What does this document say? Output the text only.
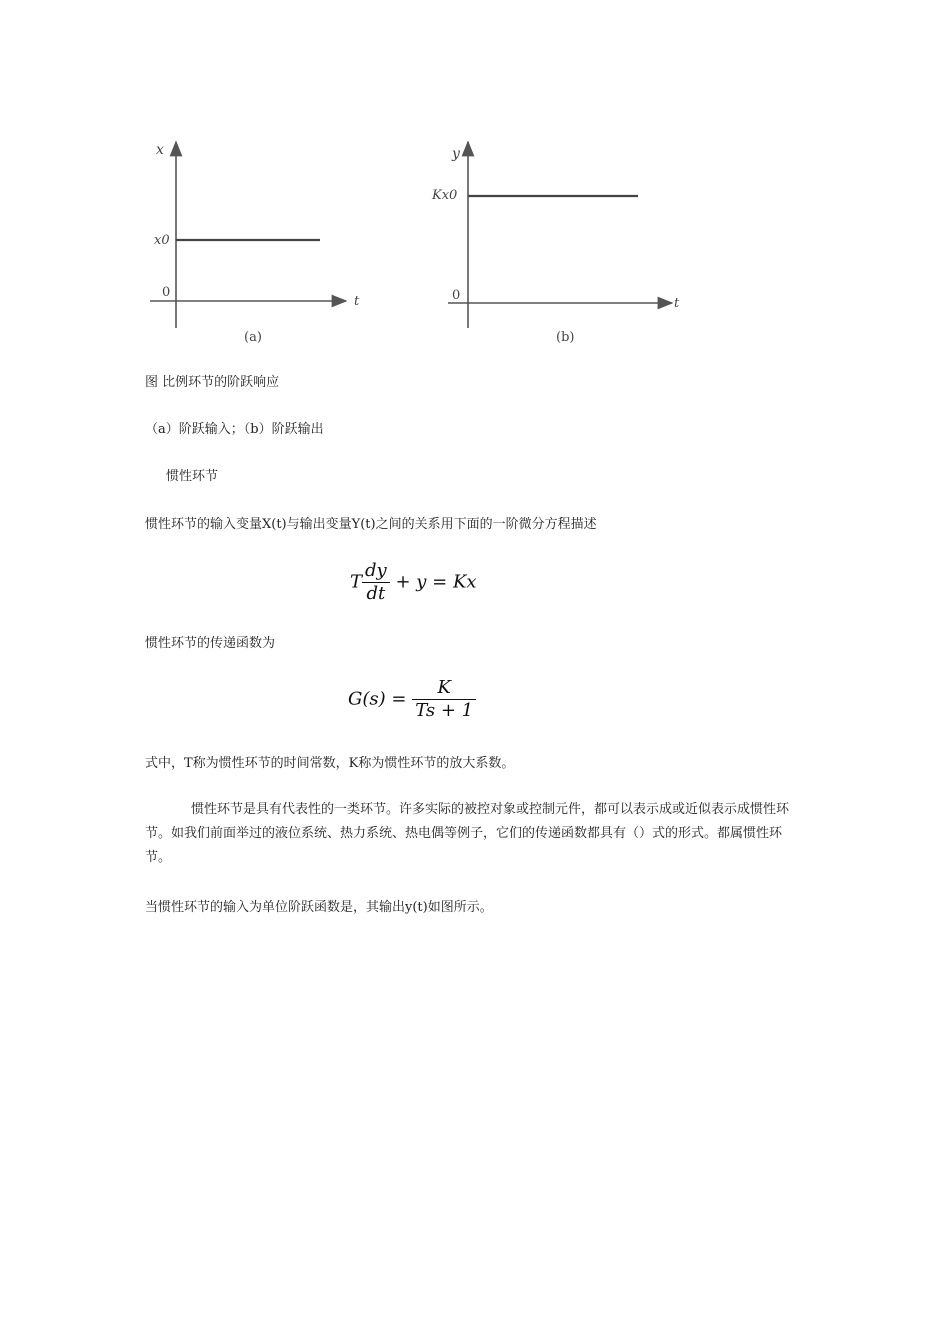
x
x0
0
t
(a)
y
Kx0
0
t
(b)
图 比例环节的阶跃响应
（a）阶跃输入；（b）阶跃输出
惯性环节
惯性环节的输入变量X(t)与输出变量Y(t)之间的关系用下面的一阶微分方程描述
T $\frac{dy}{dt} + y = Kx$
惯性环节的传递函数为
$G(s) = \frac{K}{Ts + 1}$
式中，T称为惯性环节的时间常数，K称为惯性环节的放大系数。
惯性环节是具有代表性的一类环节。许多实际的被控对象或控制元件，都可以表示成或近似表示成惯性环节。如我们前面举过的液位系统、热力系统、热电偶等例子，它们的传递函数都具有（）式的形式。都属惯性环节。
当惯性环节的输入为单位阶跃函数是，其输出y(t)如图所示。
